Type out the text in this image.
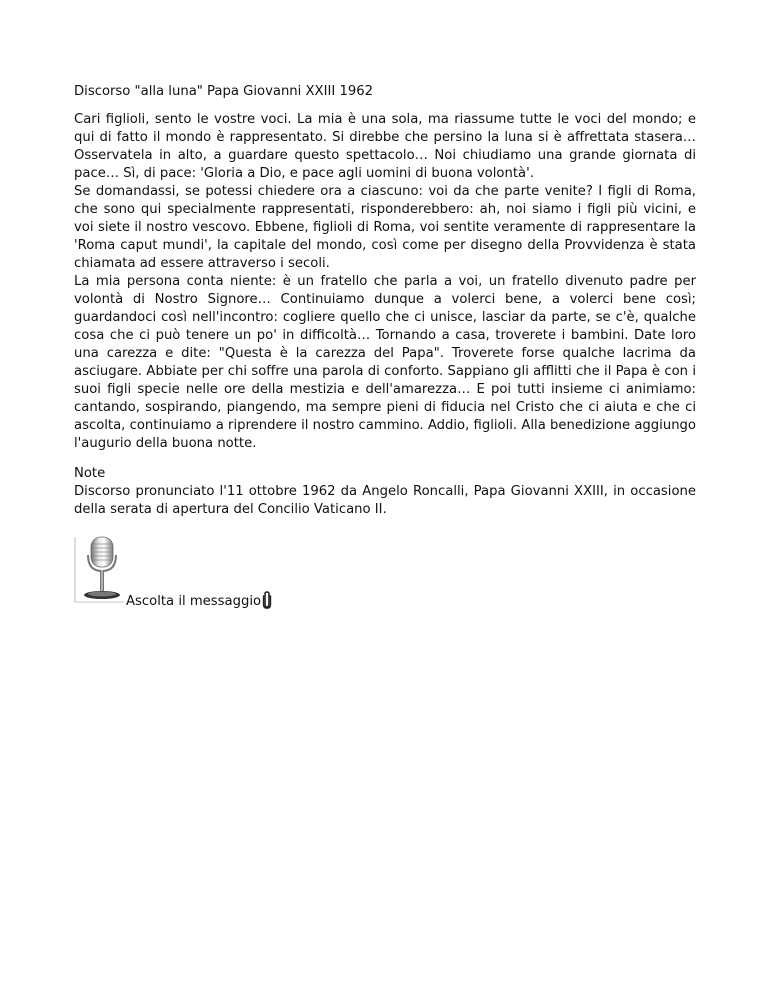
Discorso "alla luna" Papa Giovanni XXIII 1962

Cari figlioli, sento le vostre voci. La mia è una sola, ma riassume tutte le voci del mondo; e qui di fatto il mondo è rappresentato. Si direbbe che persino la luna si è affrettata stasera… Osservatela in alto, a guardare questo spettacolo… Noi chiudiamo una grande giornata di pace… Sì, di pace: 'Gloria a Dio, e pace agli uomini di buona volontà'.

Se domandassi, se potessi chiedere ora a ciascuno: voi da che parte venite? I figli di Roma, che sono qui specialmente rappresentati, risponderebbero: ah, noi siamo i figli più vicini, e voi siete il nostro vescovo. Ebbene, figlioli di Roma, voi sentite veramente di rappresentare la 'Roma caput mundi', la capitale del mondo, così come per disegno della Provvidenza è stata chiamata ad essere attraverso i secoli.

La mia persona conta niente: è un fratello che parla a voi, un fratello divenuto padre per volontà di Nostro Signore… Continuiamo dunque a volerci bene, a volerci bene così; guardandoci così nell'incontro: cogliere quello che ci unisce, lasciar da parte, se c'è, qualche cosa che ci può tenere un po' in difficoltà… Tornando a casa, troverete i bambini. Date loro una carezza e dite: "Questa è la carezza del Papa". Troverete forse qualche lacrima da asciugare. Abbiate per chi soffre una parola di conforto. Sappiano gli afflitti che il Papa è con i suoi figli specie nelle ore della mestizia e dell'amarezza… E poi tutti insieme ci animiamo: cantando, sospirando, piangendo, ma sempre pieni di fiducia nel Cristo che ci aiuta e che ci ascolta, continuiamo a riprendere il nostro cammino. Addio, figlioli. Alla benedizione aggiungo l'augurio della buona notte.

Note

Discorso pronunciato l'11 ottobre 1962 da Angelo Roncalli, Papa Giovanni XXIII, in occasione della serata di apertura del Concilio Vaticano II.

Ascolta il messaggio
